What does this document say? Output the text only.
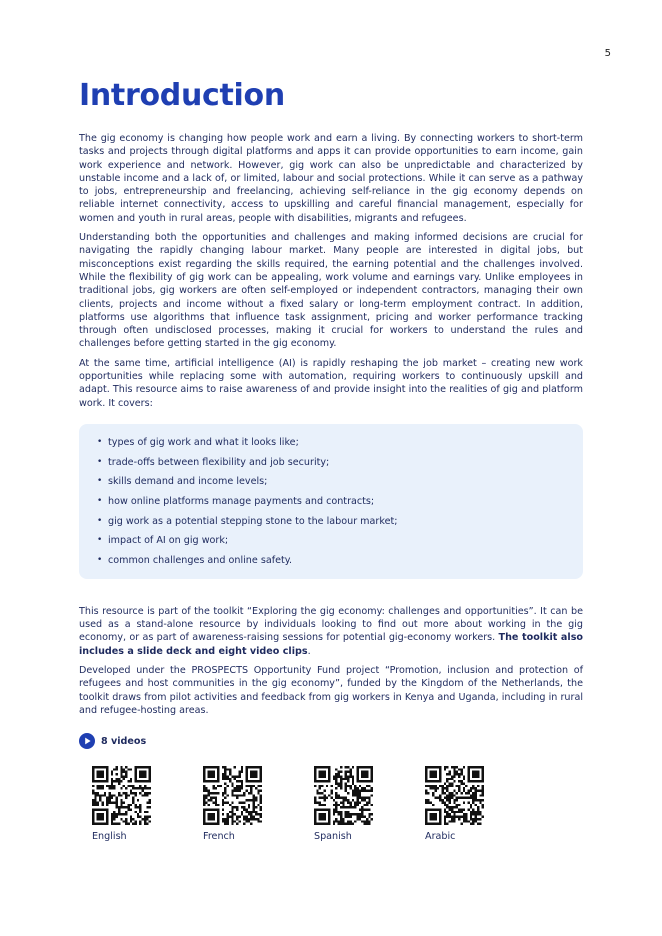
5
Introduction

The gig economy is changing how people work and earn a living. By connecting workers to short-term tasks and projects through digital platforms and apps it can provide opportunities to earn income, gain work experience and network. However, gig work can also be unpredictable and characterized by unstable income and a lack of, or limited, labour and social protections. While it can serve as a pathway to jobs, entrepreneurship and freelancing, achieving self-reliance in the gig economy depends on reliable internet connectivity, access to upskilling and careful financial management, especially for women and youth in rural areas, people with disabilities, migrants and refugees.

Understanding both the opportunities and challenges and making informed decisions are crucial for navigating the rapidly changing labour market. Many people are interested in digital jobs, but misconceptions exist regarding the skills required, the earning potential and the challenges involved. While the flexibility of gig work can be appealing, work volume and earnings vary. Unlike employees in traditional jobs, gig workers are often self-employed or independent contractors, managing their own clients, projects and income without a fixed salary or long-term employment contract. In addition, platforms use algorithms that influence task assignment, pricing and worker performance tracking through often undisclosed processes, making it crucial for workers to understand the rules and challenges before getting started in the gig economy.

At the same time, artificial intelligence (AI) is rapidly reshaping the job market – creating new work opportunities while replacing some with automation, requiring workers to continuously upskill and adapt. This resource aims to raise awareness of and provide insight into the realities of gig and platform work. It covers:

• types of gig work and what it looks like;
• trade-offs between flexibility and job security;
• skills demand and income levels;
• how online platforms manage payments and contracts;
• gig work as a potential stepping stone to the labour market;
• impact of AI on gig work;
• common challenges and online safety.

This resource is part of the toolkit “Exploring the gig economy: challenges and opportunities”. It can be used as a stand-alone resource by individuals looking to find out more about working in the gig economy, or as part of awareness-raising sessions for potential gig-economy workers. The toolkit also includes a slide deck and eight video clips.

Developed under the PROSPECTS Opportunity Fund project “Promotion, inclusion and protection of refugees and host communities in the gig economy”, funded by the Kingdom of the Netherlands, the toolkit draws from pilot activities and feedback from gig workers in Kenya and Uganda, including in rural and refugee-hosting areas.

8 videos
English	French	Spanish	Arabic
